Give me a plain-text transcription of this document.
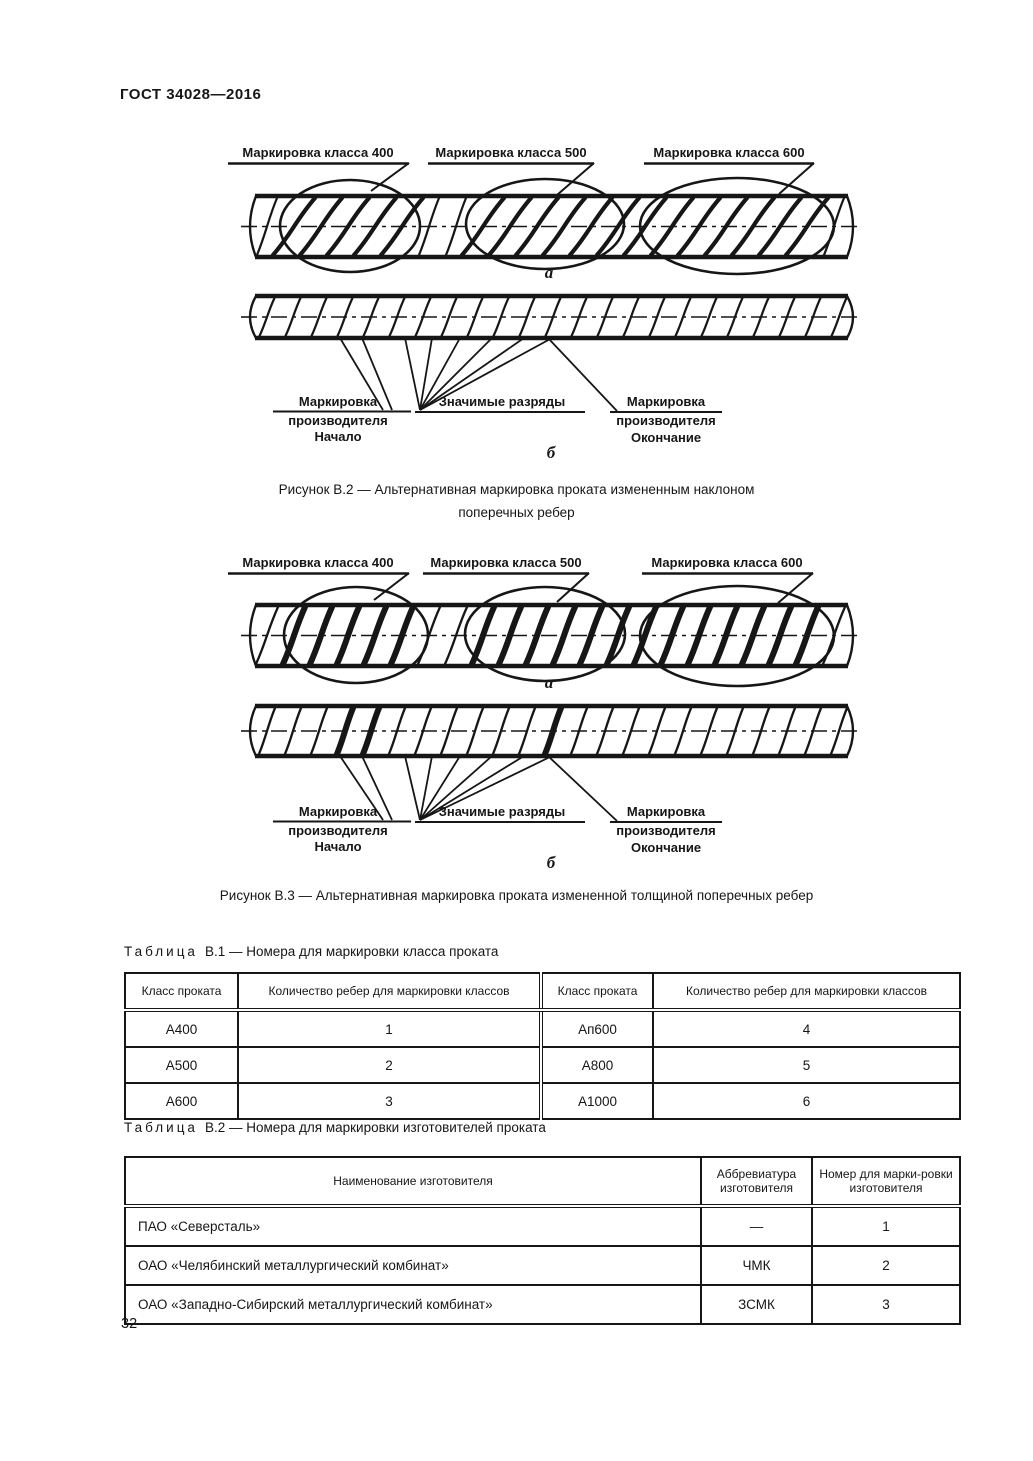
ГОСТ 34028—2016
Маркировка класса 400	Маркировка класса 500	Маркировка класса 600
а
Маркировка
производителя
Начало
Значимые разряды	Маркировка
производителя
Окончание
б
Рисунок В.2 — Альтернативная маркировка проката измененным наклоном
поперечных ребер
Маркировка класса 400	Маркировка класса 500	Маркировка класса 600
а
Маркировка
производителя
Начало
Значимые разряды	Маркировка
производителя
Окончание
б
Рисунок В.3 — Альтернативная маркировка проката измененной толщиной поперечных ребер
Таблица В.1 — Номера для маркировки класса проката
Класс проката	Количество ребер для маркировки классов	Класс проката	Количество ребер для маркировки классов
А400	1	Ап600	4
А500	2	А800	5
А600	3	А1000	6
Таблица В.2 — Номера для маркировки изготовителей проката
Наименование изготовителя	Аббревиатура изготовителя	Номер для марки-ровки изготовителя
ПАО «Северсталь»	—	1
ОАО «Челябинский металлургический комбинат»	ЧМК	2
ОАО «Западно-Сибирский металлургический комбинат»	ЗСМК	3
32
